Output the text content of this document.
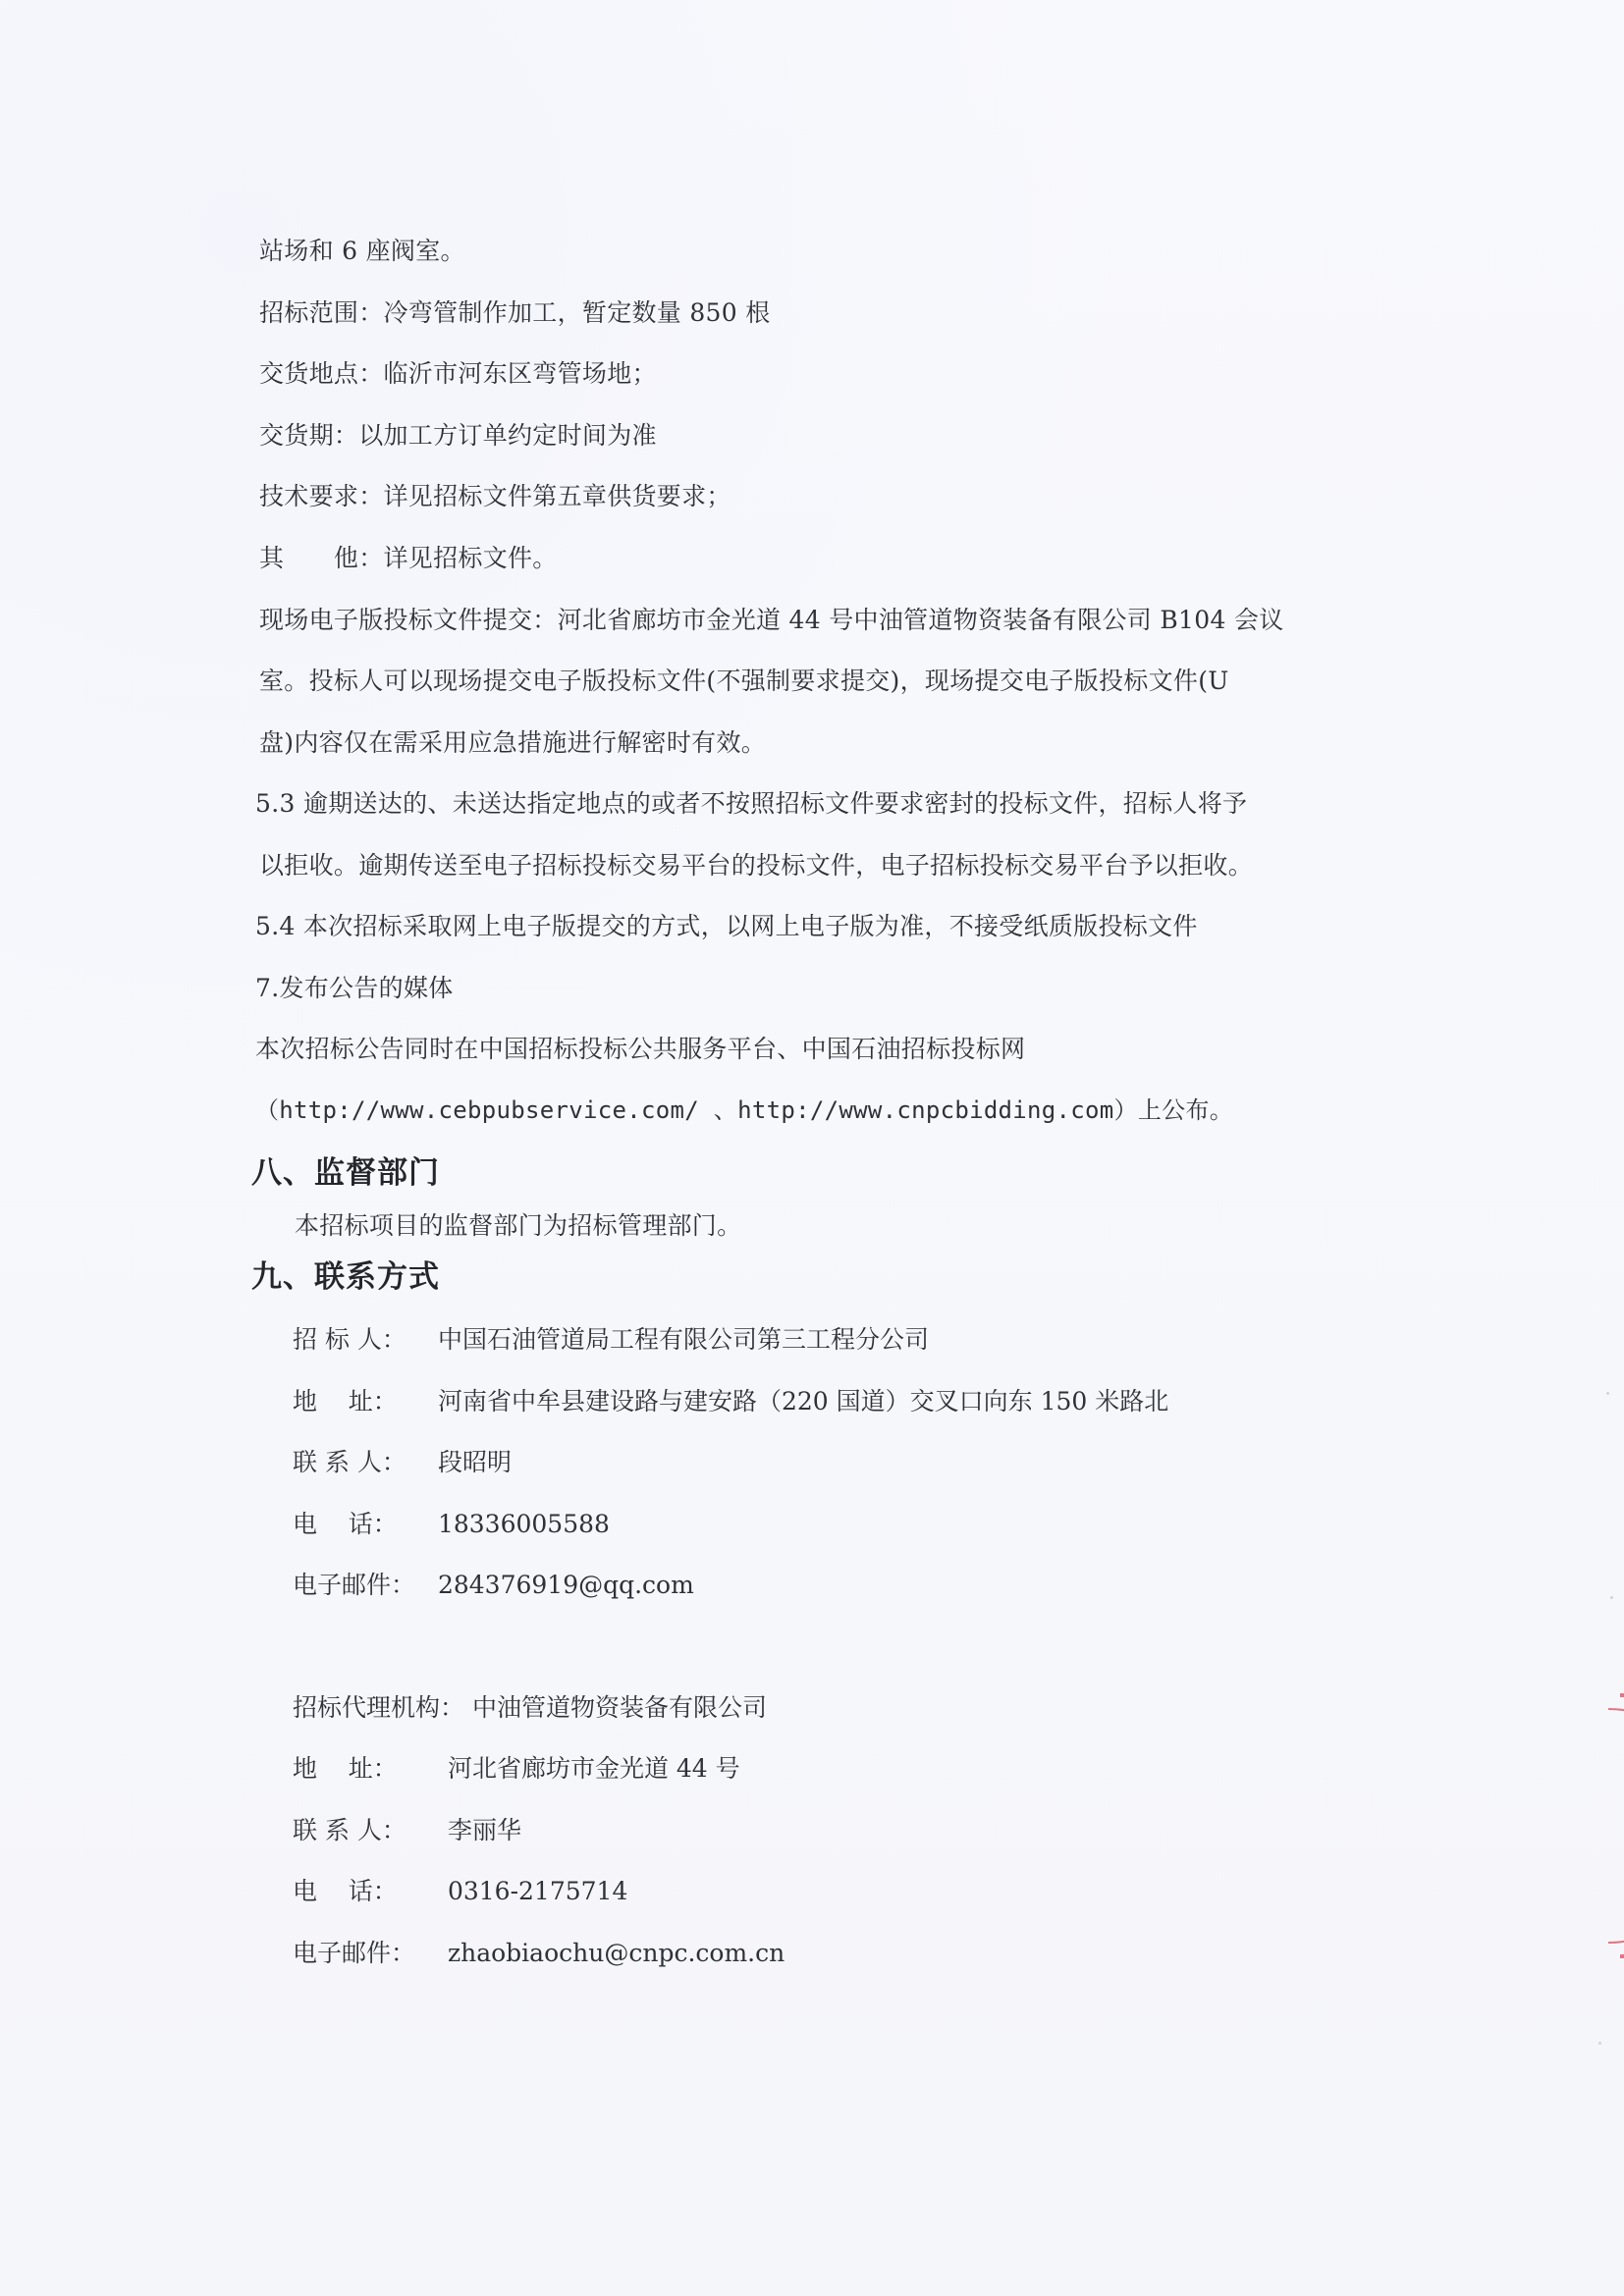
站场和 6 座阀室。
招标范围：冷弯管制作加工，暂定数量 850 根
交货地点：临沂市河东区弯管场地；
交货期：以加工方订单约定时间为准
技术要求：详见招标文件第五章供货要求；
其　　他：详见招标文件。
现场电子版投标文件提交：河北省廊坊市金光道 44 号中油管道物资装备有限公司 B104 会议
室。投标人可以现场提交电子版投标文件(不强制要求提交)，现场提交电子版投标文件(U
盘)内容仅在需采用应急措施进行解密时有效。
5.3 逾期送达的、未送达指定地点的或者不按照招标文件要求密封的投标文件，招标人将予
以拒收。逾期传送至电子招标投标交易平台的投标文件，电子招标投标交易平台予以拒收。
5.4 本次招标采取网上电子版提交的方式，以网上电子版为准，不接受纸质版投标文件
7.发布公告的媒体
本次招标公告同时在中国招标投标公共服务平台、中国石油招标投标网
（http://www.cebpubservice.com/ 、http://www.cnpcbidding.com）上公布。
八、监督部门
本招标项目的监督部门为招标管理部门。
九、联系方式
招 标 人： 中国石油管道局工程有限公司第三工程分公司
地    址： 河南省中牟县建设路与建安路（220 国道）交叉口向东 150 米路北
联 系 人： 段昭明
电    话： 18336005588
电子邮件： 284376919@qq.com
招标代理机构： 中油管道物资装备有限公司
地    址： 河北省廊坊市金光道 44 号
联 系 人： 李丽华
电    话： 0316-2175714
电子邮件： zhaobiaochu@cnpc.com.cn
